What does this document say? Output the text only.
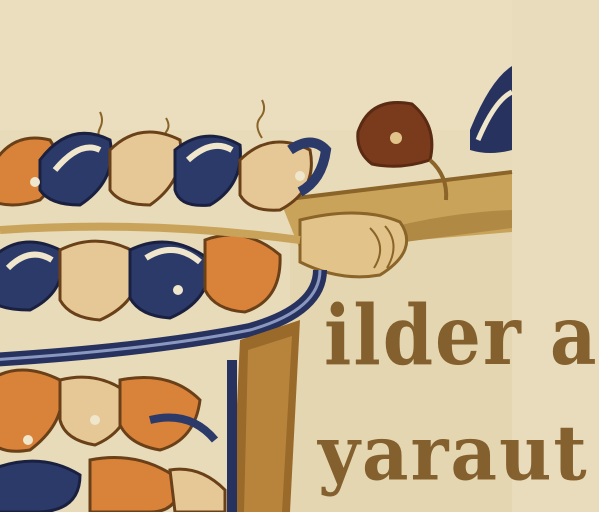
ilder a
yaraut
